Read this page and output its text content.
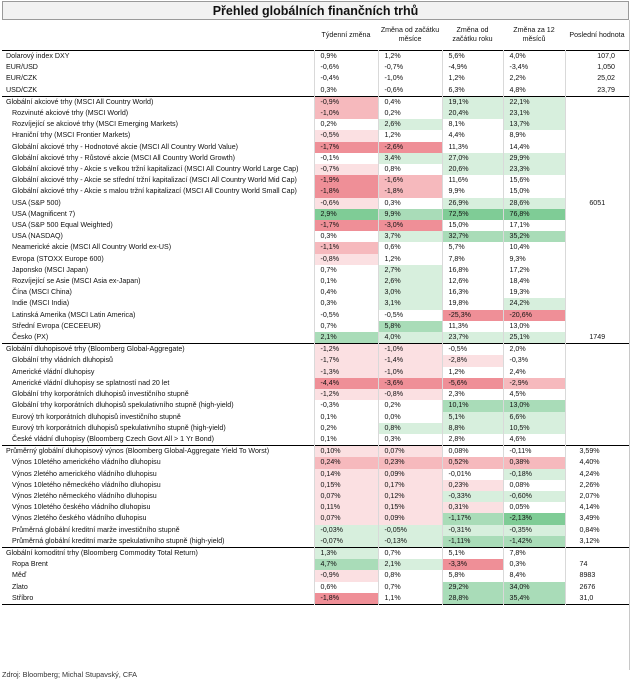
Přehled globálních finančních trhů
	Týdenní změna	Změna od začátku měsíce	Změna od začátku roku	Změna za 12 měsíců	Poslední hodnota
Dolarový index DXY	0,9%	1,2%	5,6%	4,0%	107,0
EUR/USD	-0,6%	-0,7%	-4,9%	-3,4%	1,050
EUR/CZK	-0,4%	-1,0%	1,2%	2,2%	25,02
USD/CZK	0,3%	-0,6%	6,3%	4,8%	23,79
Globální akciové trhy (MSCI All Country World)	-0,9%	0,4%	19,1%	22,1%	
Rozvinuté akciové trhy (MSCI World)	-1,0%	0,2%	20,4%	23,1%	
Rozvíjející se akciové trhy (MSCI Emerging Markets)	0,2%	2,6%	8,1%	13,7%	
Hraniční trhy (MSCI Frontier Markets)	-0,5%	1,2%	4,4%	8,9%	
Globální akciové trhy - Hodnotové akcie (MSCI All Country World Value)	-1,7%	-2,6%	11,3%	14,4%	
Globální akciové trhy - Růstové akcie (MSCI All Country World Growth)	-0,1%	3,4%	27,0%	29,9%	
Globální akciové trhy - Akcie s velkou tržní kapitalizací (MSCI All Country World Large Cap)	-0,7%	0,8%	20,6%	23,3%	
Globální akciové trhy - Akcie se střední tržní kapitalizací (MSCI All Country World Mid Cap)	-1,9%	-1,6%	11,6%	15,6%	
Globální akciové trhy - Akcie s malou tržní kapitalizací (MSCI All Country World Small Cap)	-1,8%	-1,8%	9,9%	15,0%	
USA (S&P 500)	-0,6%	0,3%	26,9%	28,6%	6051
USA (Magnificent 7)	2,9%	9,9%	72,5%	76,8%	
USA (S&P 500 Equal Weighted)	-1,7%	-3,0%	15,0%	17,1%	
USA (NASDAQ)	0,3%	3,7%	32,7%	35,2%	
Neamerické akcie (MSCI All Country World ex-US)	-1,1%	0,6%	5,7%	10,4%	
Evropa (STOXX Europe 600)	-0,8%	1,2%	7,8%	9,3%	
Japonsko (MSCI Japan)	0,7%	2,7%	16,8%	17,2%	
Rozvíjející se Asie (MSCI Asia ex-Japan)	0,1%	2,6%	12,6%	18,4%	
Čína (MSCI China)	0,4%	3,0%	16,3%	19,3%	
Indie (MSCI India)	0,3%	3,1%	19,8%	24,2%	
Latinská Amerika (MSCI Latin America)	-0,5%	-0,5%	-25,3%	-20,6%	
Střední Evropa (CECEEUR)	0,7%	5,8%	11,3%	13,0%	
Česko (PX)	2,1%	4,0%	23,7%	25,1%	1749
Globální dluhopisové trhy (Bloomberg Global-Aggregate)	-1,2%	-1,0%	-0,5%	2,0%	
Globální trhy vládních dluhopisů	-1,7%	-1,4%	-2,8%	-0,3%	
Americké vládní dluhopisy	-1,3%	-1,0%	1,2%	2,4%	
Americké vládní dluhopisy se splatností nad 20 let	-4,4%	-3,6%	-5,6%	-2,9%	
Globální trhy korporátních dluhopisů investičního stupně	-1,2%	-0,8%	2,3%	4,5%	
Globální trhy korporátních dluhopisů spekulativního stupně (high-yield)	-0,3%	0,2%	10,1%	13,0%	
Eurový trh korporátních dluhopisů investičního stupně	0,1%	0,0%	5,1%	6,6%	
Eurový trh korporátních dluhopisů spekulativního stupně (high-yield)	0,2%	0,8%	8,8%	10,5%	
České vládní dluhopisy (Bloomberg Czech Govt All > 1 Yr Bond)	0,1%	0,3%	2,8%	4,6%	
Průměrný globální dluhopisový výnos (Bloomberg Global-Aggregate Yield To Worst)	0,10%	0,07%	0,08%	-0,11%	3,59%
Výnos 10letého amerického vládního dluhopisu	0,24%	0,23%	0,52%	0,38%	4,40%
Výnos 2letého amerického vládního dluhopisu	0,14%	0,09%	-0,01%	-0,18%	4,24%
Výnos 10letého německého vládního dluhopisu	0,15%	0,17%	0,23%	0,08%	2,26%
Výnos 2letého německého vládního dluhopisu	0,07%	0,12%	-0,33%	-0,60%	2,07%
Výnos 10letého českého vládního dluhopisu	0,11%	0,15%	0,31%	0,05%	4,14%
Výnos 2letého českého vládního dluhopisu	0,07%	0,09%	-1,17%	-2,13%	3,49%
Průměrná globální kreditní marže investičního stupně	-0,03%	-0,05%	-0,31%	-0,35%	0,84%
Průměrná globální kreditní marže spekulativního stupně (high-yield)	-0,07%	-0,13%	-1,11%	-1,42%	3,12%
Globální komoditní trhy (Bloomberg Commodity Total Return)	1,3%	0,7%	5,1%	7,8%	
Ropa Brent	4,7%	2,1%	-3,3%	0,3%	74
Měď	-0,9%	0,8%	5,8%	8,4%	8983
Zlato	0,6%	0,7%	29,2%	34,0%	2676
Stříbro	-1,8%	1,1%	28,8%	35,4%	31,0
Zdroj: Bloomberg; Michal Stupavský, CFA
